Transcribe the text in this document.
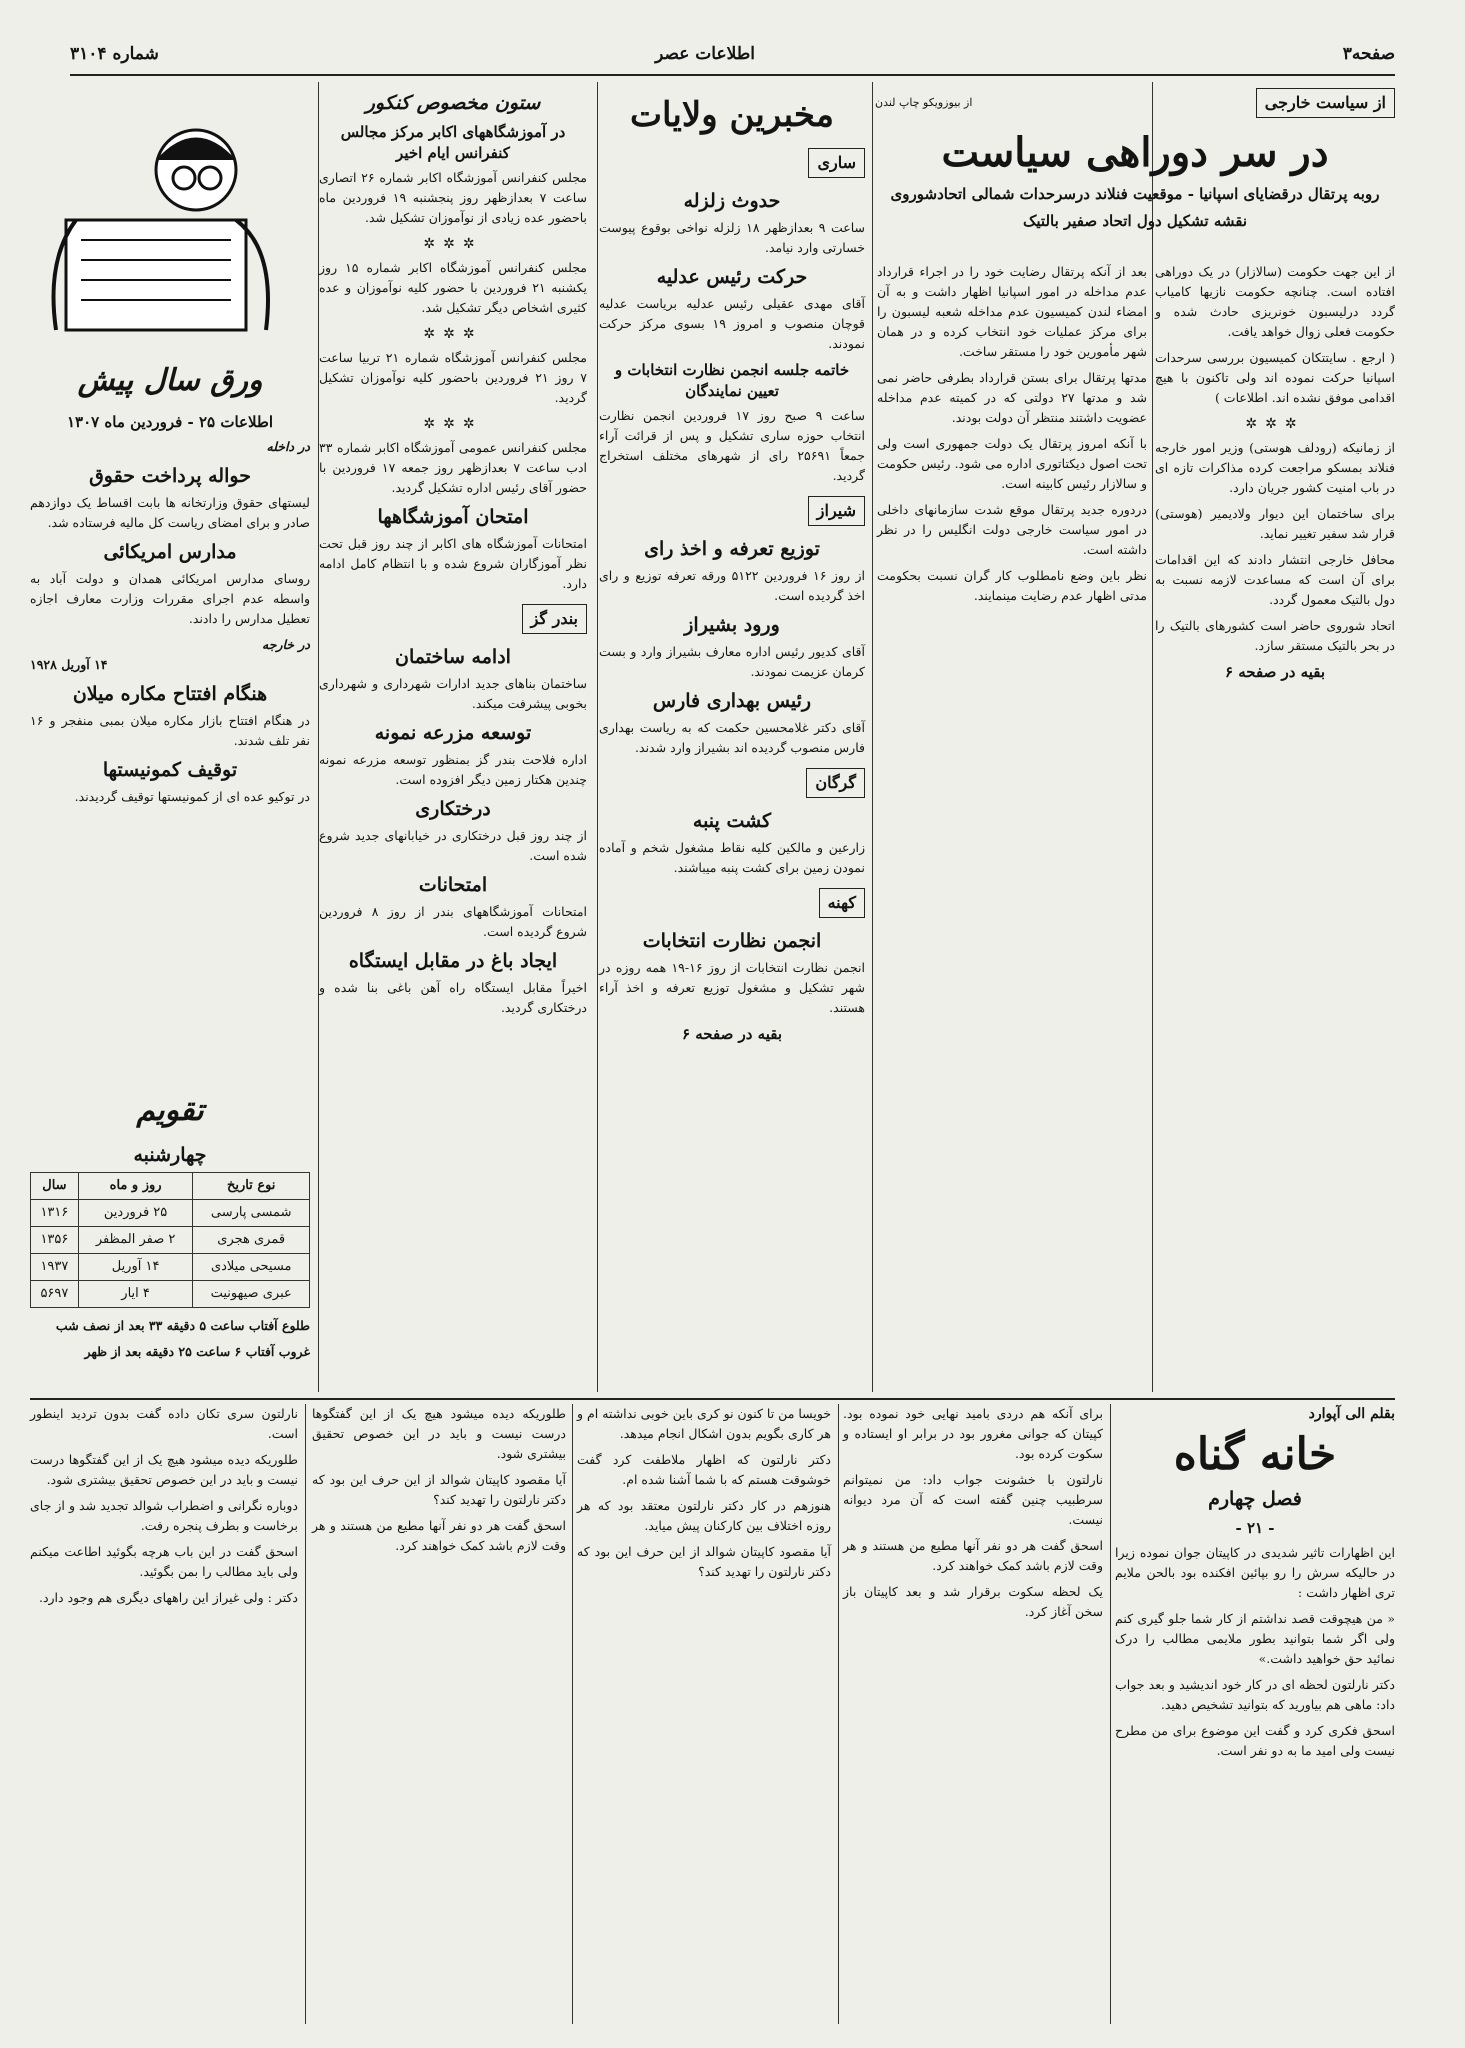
صفحه۳
اطلاعات عصر
شماره ۳۱۰۴
از سیاست خارجی
از بیوزویکو چاپ لندن
در سر دوراهی سیاست
روبه پرتقال درقضایای اسپانیا - موقعیت فنلاند درسرحدات شمالی اتحادشوروی
نقشه تشکیل دول اتحاد صفیر بالتیک

بعد از آنکه پرتقال رضایت خود را در اجراء قرارداد عدم مداخله در امور اسپانیا اظهار داشت و به آن امضاء لندن کمیسیون عدم مداخله شعبه لیسبون را برای مرکز عملیات خود انتخاب کرده و در همان شهر مأمورین خود را مستقر ساخت.

مدتها پرتقال برای بستن قرارداد بطرفی حاضر نمی شد و مدتها ۲۷ دولتی که در کمیته عدم مداخله عضویت داشتند منتظر آن دولت بودند.

با آنکه امروز پرتقال یک دولت جمهوری است ولی تحت اصول دیکتاتوری اداره می شود. رئیس حکومت و سالازار رئیس کابینه است.

دردوره جدید پرتقال موقع شدت سازمانهای داخلی در امور سیاست خارجی دولت انگلیس را در نظر داشته است.

نظر باین وضع نامطلوب کار گران نسبت بحکومت مدتی اظهار عدم رضایت مینمایند.

از این جهت حکومت (سالازار) در یک دوراهی افتاده است. چنانچه حکومت نازیها کامیاب گردد درلیسبون خونریزی حادث شده و حکومت فعلی زوال خواهد یافت.

( ارجع . سایتتکان کمیسیون بررسی سرحدات اسپانیا حرکت نموده اند ولی تاکنون با هیچ اقدامی موفق نشده اند. اطلاعات )

✲✲✲

از زمانیکه (رودلف هوستی) وزیر امور خارجه فنلاند بمسکو مراجعت کرده مذاکرات تازه ای در باب امنیت کشور جریان دارد.

برای ساختمان این دیوار ولادیمیر (هوستی) قرار شد سفیر تغییر نماید.

محافل خارجی انتشار دادند که این اقدامات برای آن است که مساعدت لازمه نسبت به دول بالتیک معمول گردد.

اتحاد شوروی حاضر است کشورهای بالتیک را در بحر بالتیک مستقر سازد.

بقیه در صفحه ۶

مخبرین ولایات
ساری
حدوث زلزله

ساعت ۹ بعدازظهر ۱۸ زلزله نواخی بوقوع پیوست خسارتی وارد نیامد.

حرکت رئیس عدلیه

آقای مهدی عقیلی رئیس عدلیه بریاست عدلیه قوچان منصوب و امروز ۱۹ بسوی مرکز حرکت نمودند.

خاتمه جلسه انجمن نظارت انتخابات و تعیین نمایندگان

ساعت ۹ صبح روز ۱۷ فروردین انجمن نظارت انتخاب حوزه ساری تشکیل و پس از قرائت آراء جمعاً ۲۵۶۹۱ رای از شهرهای مختلف استخراج گردید.

شیراز
توزیع تعرفه و اخذ رای

از روز ۱۶ فروردین ۵۱۲۲ ورقه تعرفه توزیع و رای اخذ گردیده است.

ورود بشیراز

آقای کدیور رئیس اداره معارف بشیراز وارد و بست کرمان عزیمت نمودند.

رئیس بهداری فارس

آقای دکتر غلامحسین حکمت که به ریاست بهداری فارس منصوب گردیده اند بشیراز وارد شدند.

گرگان
کشت پنبه

زارعین و مالکین کلیه نقاط مشغول شخم و آماده نمودن زمین برای کشت پنبه میباشند.

کهنه
انجمن نظارت انتخابات

انجمن نظارت انتخابات از روز ۱۶-۱۹ همه روزه در شهر تشکیل و مشغول توزیع تعرفه و اخذ آراء هستند.

بقیه در صفحه ۶
ستون مخصوص کنکور
در آموزشگاههای اکابر مرکز مجالس کنفرانس ایام اخیر

مجلس کنفرانس آموزشگاه اکابر شماره ۲۶ اتصاری ساعت ۷ بعدازظهر روز پنجشنبه ۱۹ فروردین ماه باحضور عده زیادی از نوآموزان تشکیل شد.

✲✲✲

مجلس کنفرانس آموزشگاه اکابر شماره ۱۵ روز یکشنبه ۲۱ فروردین با حضور کلیه نوآموزان و عده کثیری اشخاص دیگر تشکیل شد.

✲✲✲

مجلس کنفرانس آموزشگاه شماره ۲۱ تربیا ساعت ۷ روز ۲۱ فروردین باحضور کلیه نوآموزان تشکیل گردید.

✲✲✲

مجلس کنفرانس عمومی آموزشگاه اکابر شماره ۳۳ ادب ساعت ۷ بعدازظهر روز جمعه ۱۷ فروردین با حضور آقای رئیس اداره تشکیل گردید.

امتحان آموزشگاهها

امتحانات آموزشگاه های اکابر از چند روز قبل تحت نظر آموزگاران شروع شده و با انتظام کامل ادامه دارد.

بندر گز
ادامه ساختمان

ساختمان بناهای جدید ادارات شهرداری و شهرداری بخوبی پیشرفت میکند.

توسعه مزرعه نمونه

اداره فلاحت بندر گز بمنظور توسعه مزرعه نمونه چندین هکتار زمین دیگر افزوده است.

درختکاری

از چند روز قبل درختکاری در خیابانهای جدید شروع شده است.

امتحانات

امتحانات آموزشگاههای بندر از روز ۸ فروردین شروع گردیده است.

ایجاد باغ در مقابل ایستگاه

اخیراً مقابل ایستگاه راه آهن باغی بنا شده و درختکاری گردید.

ورق سال پیش
اطلاعات ۲۵ - فروردین ماه ۱۳۰۷
در داخله
حواله پرداخت حقوق

لیستهای حقوق وزارتخانه ها بابت اقساط یک دوازدهم صادر و برای امضای ریاست کل مالیه فرستاده شد.

مدارس امریکائی

روسای مدارس امریکائی همدان و دولت آباد به واسطه عدم اجرای مقررات وزارت معارف اجازه تعطیل مدارس را دادند.

در خارجه
۱۴ آوریل ۱۹۲۸
هنگام افتتاح مکاره میلان

در هنگام افتتاح بازار مکاره میلان بمبی منفجر و ۱۶ نفر تلف شدند.

توقیف کمونیستها

در توکیو عده ای از کمونیستها توقیف گردیدند.

تقویم
چهارشنبه
نوع تاریخ	روز و ماه	سال
شمسی پارسی	۲۵ فروردین	۱۳۱۶
قمری هجری	۲ صفر المظفر	۱۳۵۶
مسیحی میلادی	۱۴ آوریل	۱۹۳۷
عبری صیهونیت	۴ ایار	۵۶۹۷

طلوع آفتاب ساعت ۵ دقیقه ۳۳ بعد از نصف شب

غروب آفتاب ۶ ساعت ۲۵ دقیقه بعد از ظهر

بقلم الی آپوارد
خانه گناه
فصل چهارم
- ۲۱ -

این اظهارات تاثیر شدیدی در کاپیتان جوان نموده زیرا در حالیکه سرش را رو بپائین افکنده بود بالحن ملایم تری اظهار داشت :

« من هیچوقت قصد نداشتم از کار شما جلو گیری کنم ولی اگر شما بتوانید بطور ملایمی مطالب را درک نمائید حق خواهید داشت.»

دکتر نارلتون لحظه ای در کار خود اندیشید و بعد جواب داد: ماهی هم بیاورید که بتوانید تشخیص دهید.

اسحق فکری کرد و گفت این موضوع برای من مطرح نیست ولی امید ما به دو نفر است.

برای آنکه هم دردی بامید نهایی خود نموده بود. کپیتان که جوانی مغرور بود در برابر او ایستاده و سکوت کرده بود.

نارلتون با خشونت جواب داد: من نمیتوانم سرطبیب چنین گفته است که آن مرد دیوانه نیست.

اسحق گفت هر دو نفر آنها مطیع من هستند و هر وقت لازم باشد کمک خواهند کرد.

یک لحظه سکوت برقرار شد و بعد کاپیتان باز سخن آغاز کرد.

خویسا من تا کنون نو کری باین خوبی نداشته ام و هر کاری بگویم بدون اشکال انجام میدهد.

دکتر نارلتون که اظهار ملاطفت کرد گفت خوشوقت هستم که با شما آشنا شده ام.

هنوزهم در کار دکتر نارلتون معتقد بود که هر روزه اختلاف بین کارکنان پیش میاید.

آیا مقصود کاپیتان شوالد از این حرف این بود که دکتر نارلتون را تهدید کند؟

نارلتون سری تکان داده گفت بدون تردید اینطور است.

طلوریکه دیده میشود هیچ یک از این گفتگوها درست نیست و باید در این خصوص تحقیق بیشتری شود.

دوباره نگرانی و اضطراب شوالد تجدید شد و از جای برخاست و بطرف پنجره رفت.

اسحق گفت در این باب هرچه بگوئید اطاعت میکنم ولی باید مطالب را بمن بگوئید.

دکتر : ولی غیراز این راههای دیگری هم وجود دارد.

طلوریکه دیده میشود هیچ یک از این گفتگوها درست نیست و باید در این خصوص تحقیق بیشتری شود.

آیا مقصود کاپیتان شوالد از این حرف این بود که دکتر نارلتون را تهدید کند؟

اسحق گفت هر دو نفر آنها مطیع من هستند و هر وقت لازم باشد کمک خواهند کرد.
